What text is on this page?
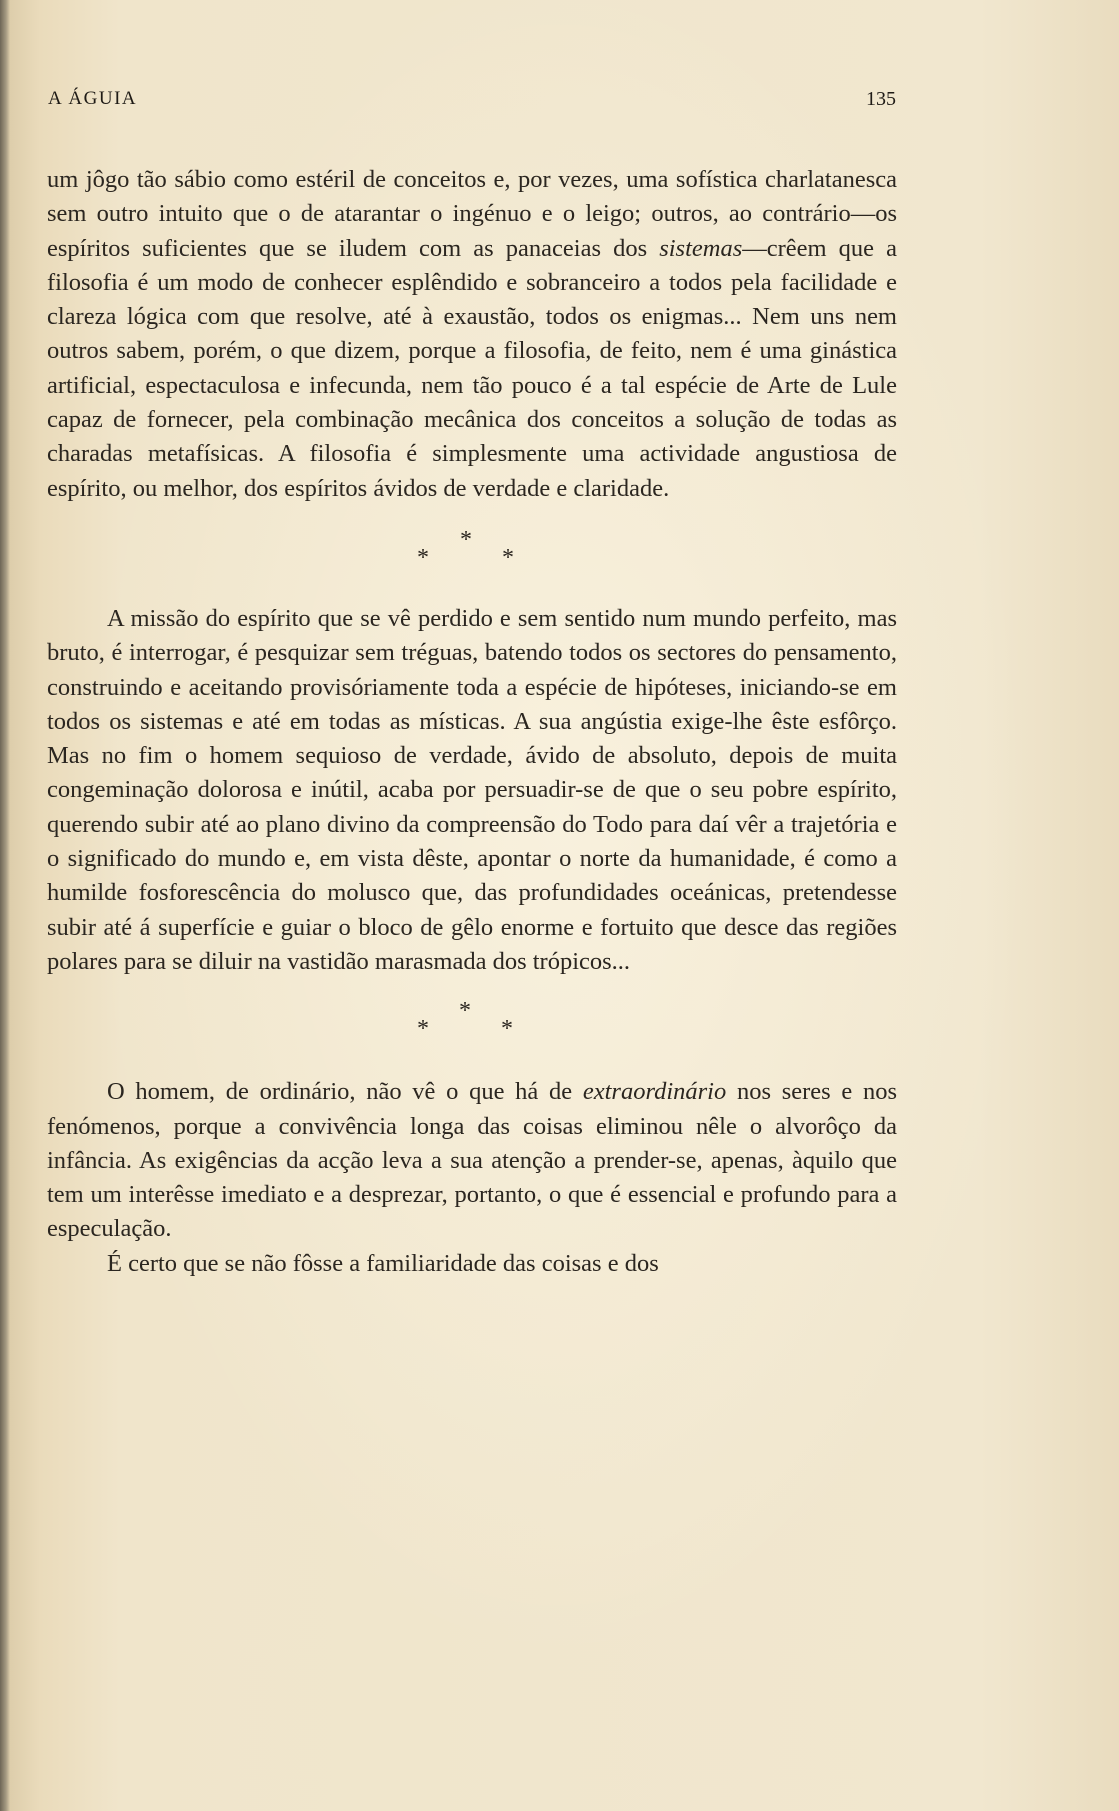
A ÁGUIA	135

um jôgo tão sábio como estéril de conceitos e, por vezes, uma sofística charlatanesca sem outro intuito que o de atarantar o ingénuo e o leigo; outros, ao contrário—os espíritos suficientes que se iludem com as panaceias dos sistemas—crêem que a filosofia é um modo de conhecer esplêndido e sobranceiro a todos pela facilidade e clareza lógica com que resolve, até à exaustão, todos os enigmas... Nem uns nem outros sabem, porém, o que dizem, porque a filosofia, de feito, nem é uma ginástica artificial, espectaculosa e infecunda, nem tão pouco é a tal espécie de Arte de Lule capaz de fornecer, pela combinação mecânica dos conceitos a solução de todas as charadas metafísicas. A filosofia é simplesmente uma actividade angustiosa de espírito, ou melhor, dos espíritos ávidos de verdade e claridade.

*
*
*

A missão do espírito que se vê perdido e sem sentido num mundo perfeito, mas bruto, é interrogar, é pesquizar sem tréguas, batendo todos os sectores do pensamento, construindo e aceitando provisóriamente toda a espécie de hipóteses, iniciando-se em todos os sistemas e até em todas as místicas. A sua angústia exige-lhe êste esfôrço. Mas no fim o homem sequioso de verdade, ávido de absoluto, depois de muita congeminação dolorosa e inútil, acaba por persuadir-se de que o seu pobre espírito, querendo subir até ao plano divino da compreensão do Todo para daí vêr a trajetória e o significado do mundo e, em vista dêste, apontar o norte da humanidade, é como a humilde fosforescência do molusco que, das profundidades oceánicas, pretendesse subir até á superfície e guiar o bloco de gêlo enorme e fortuito que desce das regiões polares para se diluir na vastidão marasmada dos trópicos...

*
*
*

O homem, de ordinário, não vê o que há de extraordinário nos seres e nos fenómenos, porque a convivência longa das coisas eliminou nêle o alvorôço da infância. As exigências da acção leva a sua atenção a prender-se, apenas, àquilo que tem um interêsse imediato e a desprezar, portanto, o que é essencial e profundo para a especulação.

É certo que se não fôsse a familiaridade das coisas e dos
